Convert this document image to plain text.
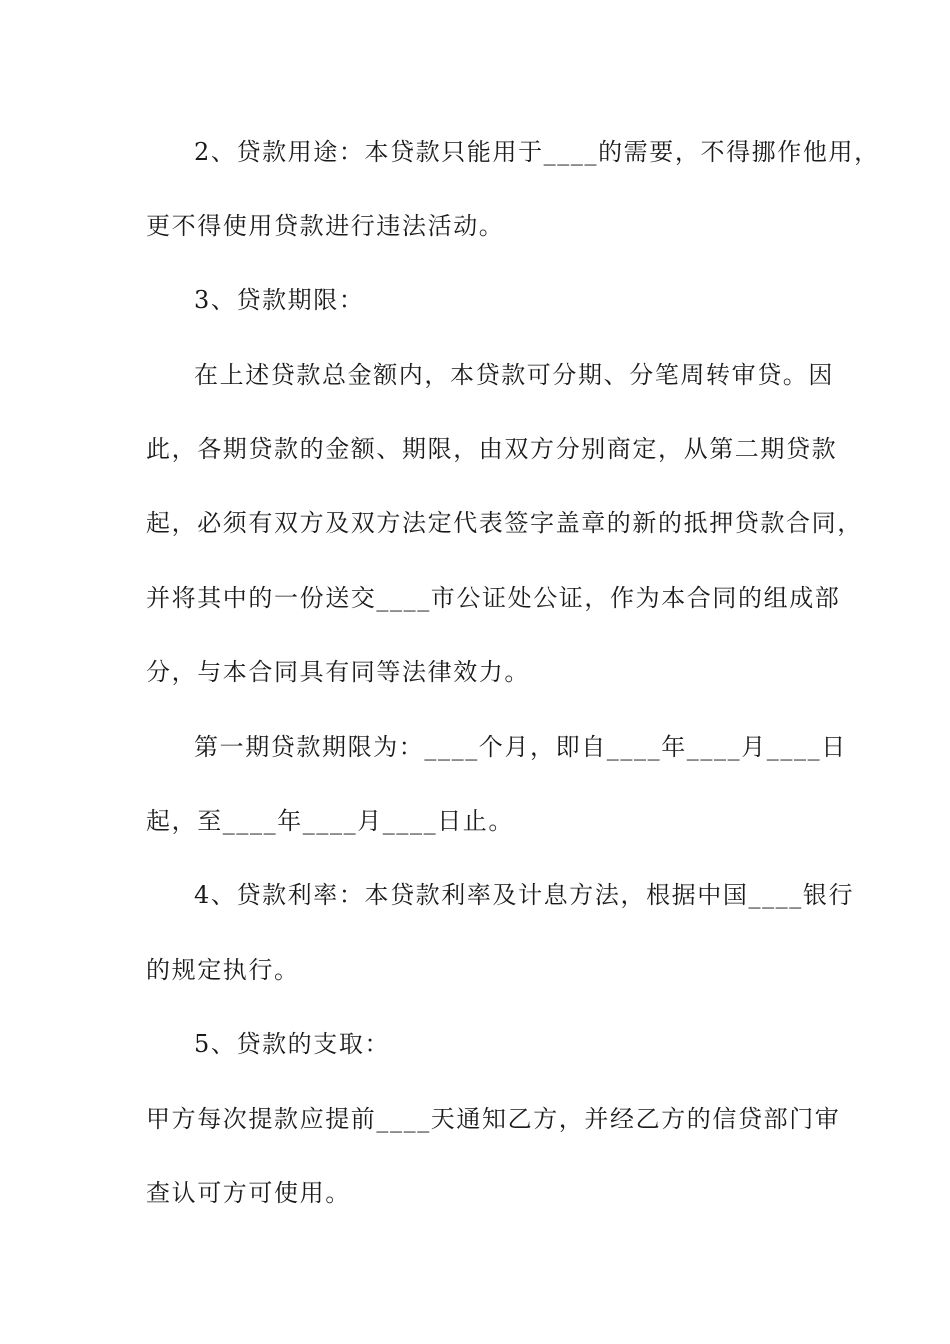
2、贷款用途：本贷款只能用于____的需要，不得挪作他用，
更不得使用贷款进行违法活动。
3、贷款期限：
在上述贷款总金额内，本贷款可分期、分笔周转审贷。因
此，各期贷款的金额、期限，由双方分别商定，从第二期贷款
起，必须有双方及双方法定代表签字盖章的新的抵押贷款合同，
并将其中的一份送交____市公证处公证，作为本合同的组成部
分，与本合同具有同等法律效力。
第一期贷款期限为：____个月，即自____年____月____日
起，至____年____月____日止。
4、贷款利率：本贷款利率及计息方法，根据中国____银行
的规定执行。
5、贷款的支取：
甲方每次提款应提前____天通知乙方，并经乙方的信贷部门审
查认可方可使用。
